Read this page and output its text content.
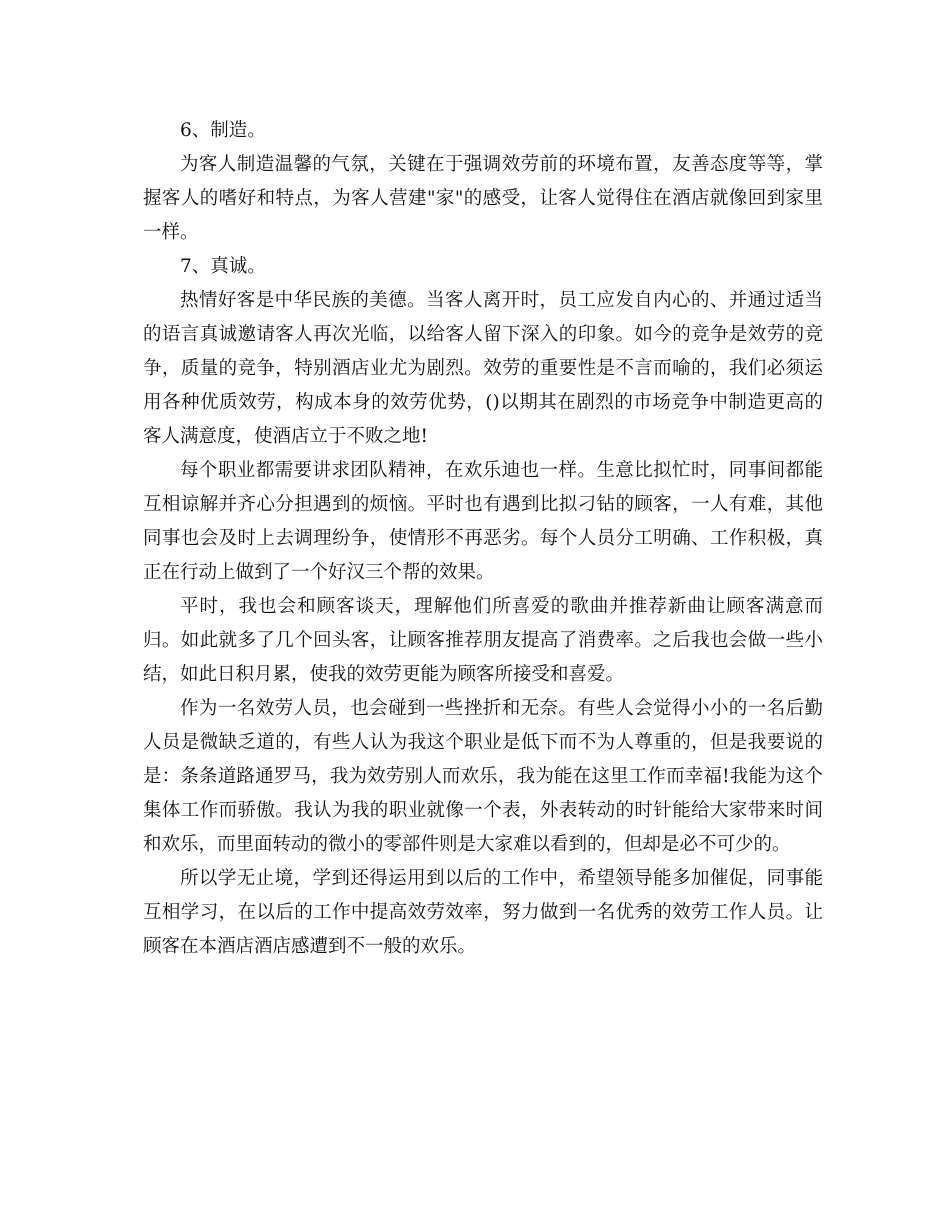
6、制造。

为客人制造温馨的气氛，关键在于强调效劳前的环境布置，友善态度等等，掌握客人的嗜好和特点，为客人营建"家"的感受，让客人觉得住在酒店就像回到家里一样。

7、真诚。

热情好客是中华民族的美德。当客人离开时，员工应发自内心的、并通过适当的语言真诚邀请客人再次光临，以给客人留下深入的印象。如今的竞争是效劳的竞争，质量的竞争，特别酒店业尤为剧烈。效劳的重要性是不言而喻的，我们必须运用各种优质效劳，构成本身的效劳优势，()以期其在剧烈的市场竞争中制造更高的客人满意度，使酒店立于不败之地!

每个职业都需要讲求团队精神，在欢乐迪也一样。生意比拟忙时，同事间都能互相谅解并齐心分担遇到的烦恼。平时也有遇到比拟刁钻的顾客，一人有难，其他同事也会及时上去调理纷争，使情形不再恶劣。每个人员分工明确、工作积极，真正在行动上做到了一个好汉三个帮的效果。

平时，我也会和顾客谈天，理解他们所喜爱的歌曲并推荐新曲让顾客满意而归。如此就多了几个回头客，让顾客推荐朋友提高了消费率。之后我也会做一些小结，如此日积月累，使我的效劳更能为顾客所接受和喜爱。

作为一名效劳人员，也会碰到一些挫折和无奈。有些人会觉得小小的一名后勤人员是微缺乏道的，有些人认为我这个职业是低下而不为人尊重的，但是我要说的是：条条道路通罗马，我为效劳别人而欢乐，我为能在这里工作而幸福!我能为这个集体工作而骄傲。我认为我的职业就像一个表，外表转动的时针能给大家带来时间和欢乐，而里面转动的微小的零部件则是大家难以看到的，但却是必不可少的。

所以学无止境，学到还得运用到以后的工作中，希望领导能多加催促，同事能互相学习，在以后的工作中提高效劳效率，努力做到一名优秀的效劳工作人员。让顾客在本酒店酒店感遭到不一般的欢乐。
